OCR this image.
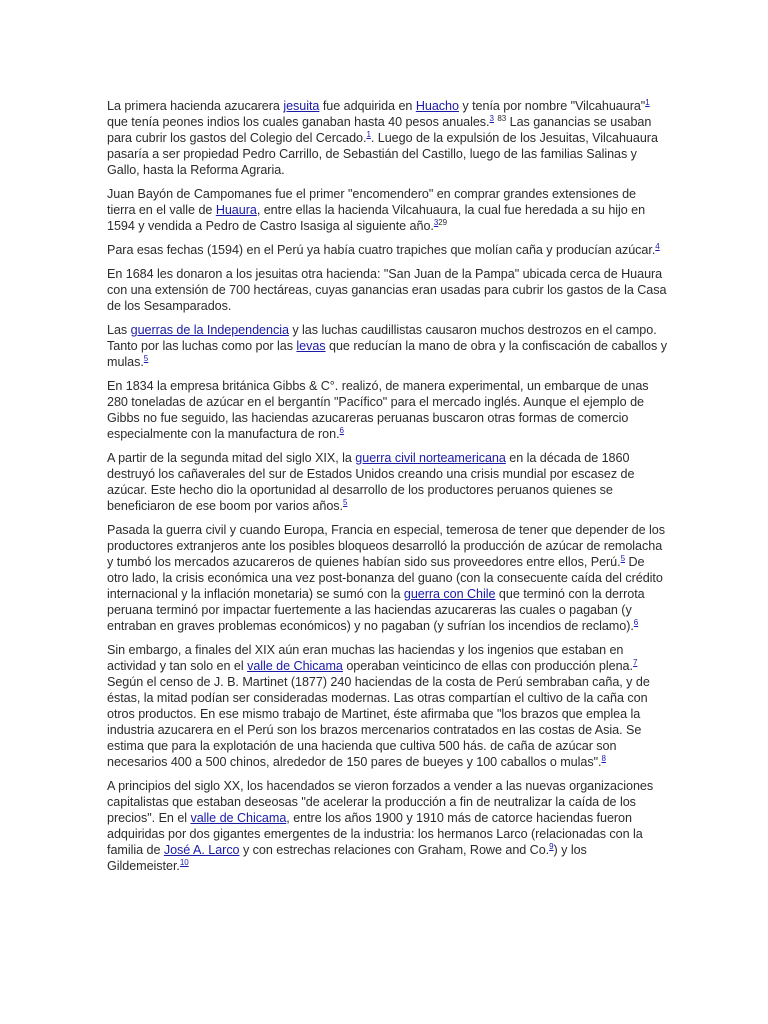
La primera hacienda azucarera jesuita fue adquirida en Huacho y tenía por nombre "Vilcahuaura"$^1$ que tenía peones indios los cuales ganaban hasta 40 pesos anuales.$^3$ $^{83}$ Las ganancias se usaban para cubrir los gastos del Colegio del Cercado.$^1$. Luego de la expulsión de los Jesuitas, Vilcahuaura pasaría a ser propiedad Pedro Carrillo, de Sebastián del Castillo, luego de las familias Salinas y Gallo, hasta la Reforma Agraria.

Juan Bayón de Campomanes fue el primer "encomendero" en comprar grandes extensiones de tierra en el valle de Huaura, entre ellas la hacienda Vilcahuaura, la cual fue heredada a su hijo en 1594 y vendida a Pedro de Castro Isasiga al siguiente año.$^{329}$

Para esas fechas (1594) en el Perú ya había cuatro trapiches que molían caña y producían azúcar.$^4$

En 1684 les donaron a los jesuitas otra hacienda: "San Juan de la Pampa" ubicada cerca de Huaura con una extensión de 700 hectáreas, cuyas ganancias eran usadas para cubrir los gastos de la Casa de los Sesamparados.

Las guerras de la Independencia y las luchas caudillistas causaron muchos destrozos en el campo. Tanto por las luchas como por las levas que reducían la mano de obra y la confiscación de caballos y mulas.$^5$

En 1834 la empresa británica Gibbs & C°. realizó, de manera experimental, un embarque de unas 280 toneladas de azúcar en el bergantín "Pacífico" para el mercado inglés. Aunque el ejemplo de Gibbs no fue seguido, las haciendas azucareras peruanas buscaron otras formas de comercio especialmente con la manufactura de ron.$^6$

A partir de la segunda mitad del siglo XIX, la guerra civil norteamericana en la década de 1860 destruyó los cañaverales del sur de Estados Unidos creando una crisis mundial por escasez de azúcar. Este hecho dio la oportunidad al desarrollo de los productores peruanos quienes se beneficiaron de ese boom por varios años.$^5$

Pasada la guerra civil y cuando Europa, Francia en especial, temerosa de tener que depender de los productores extranjeros ante los posibles bloqueos desarrolló la producción de azúcar de remolacha y tumbó los mercados azucareros de quienes habían sido sus proveedores entre ellos, Perú.$^5$ De otro lado, la crisis económica una vez post-bonanza del guano (con la consecuente caída del crédito internacional y la inflación monetaria) se sumó con la guerra con Chile que terminó con la derrota peruana terminó por impactar fuertemente a las haciendas azucareras las cuales o pagaban (y entraban en graves problemas económicos) y no pagaban (y sufrían los incendios de reclamo).$^6$

Sin embargo, a finales del XIX aún eran muchas las haciendas y los ingenios que estaban en actividad y tan solo en el valle de Chicama operaban veinticinco de ellas con producción plena.$^7$ Según el censo de J. B. Martinet (1877) 240 haciendas de la costa de Perú sembraban caña, y de éstas, la mitad podían ser consideradas modernas. Las otras compartían el cultivo de la caña con otros productos. En ese mismo trabajo de Martinet, éste afirmaba que "los brazos que emplea la industria azucarera en el Perú son los brazos mercenarios contratados en las costas de Asia. Se estima que para la explotación de una hacienda que cultiva 500 hás. de caña de azúcar son necesarios 400 a 500 chinos, alrededor de 150 pares de bueyes y 100 caballos o mulas".$^8$

A principios del siglo XX, los hacendados se vieron forzados a vender a las nuevas organizaciones capitalistas que estaban deseosas "de acelerar la producción a fin de neutralizar la caída de los precios". En el valle de Chicama, entre los años 1900 y 1910 más de catorce haciendas fueron adquiridas por dos gigantes emergentes de la industria: los hermanos Larco (relacionadas con la familia de José A. Larco y con estrechas relaciones con Graham, Rowe and Co.$^9$) y los Gildemeister.$^{10}$
